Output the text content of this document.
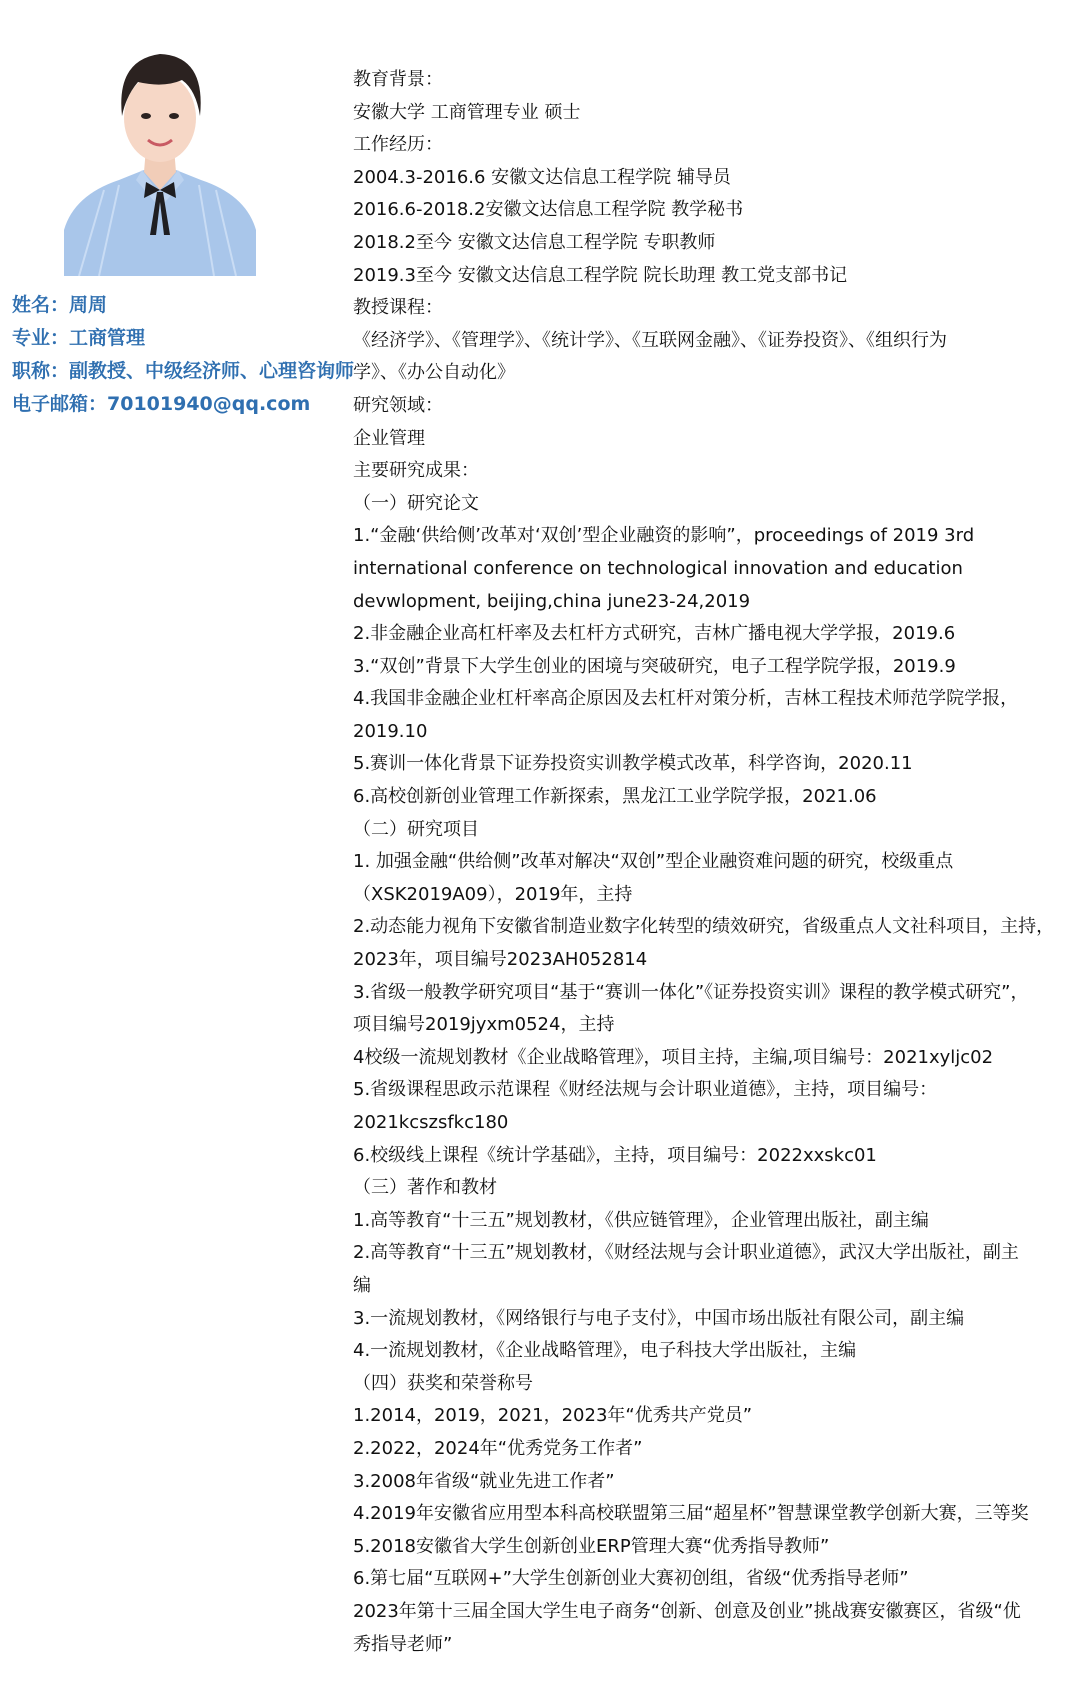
姓名：周周
专业：工商管理
职称：副教授、中级经济师、心理咨询师
电子邮箱：70101940@qq.com
教育背景：
安徽大学 工商管理专业 硕士
工作经历：
2004.3-2016.6 安徽文达信息工程学院 辅导员
2016.6-2018.2安徽文达信息工程学院 教学秘书
2018.2至今 安徽文达信息工程学院 专职教师
2019.3至今 安徽文达信息工程学院 院长助理 教工党支部书记
教授课程：
《经济学》、《管理学》、《统计学》、《互联网金融》、《证券投资》、《组织行为
学》、《办公自动化》
研究领域：
企业管理
主要研究成果：
（一）研究论文
1.“金融‘供给侧’改革对‘双创’型企业融资的影响”，proceedings of 2019 3rd
international conference on technological innovation and education
devwlopment, beijing,china june23-24,2019
2.非金融企业高杠杆率及去杠杆方式研究，吉林广播电视大学学报，2019.6
3.“双创”背景下大学生创业的困境与突破研究，电子工程学院学报，2019.9
4.我国非金融企业杠杆率高企原因及去杠杆对策分析，吉林工程技术师范学院学报，
2019.10
5.赛训一体化背景下证券投资实训教学模式改革，科学咨询，2020.11
6.高校创新创业管理工作新探索，黑龙江工业学院学报，2021.06
（二）研究项目
1. 加强金融“供给侧”改革对解决“双创”型企业融资难问题的研究，校级重点
（XSK2019A09），2019年，主持
2.动态能力视角下安徽省制造业数字化转型的绩效研究，省级重点人文社科项目，主持，
2023年，项目编号2023AH052814
3.省级一般教学研究项目“基于“赛训一体化”《证券投资实训》课程的教学模式研究”，
项目编号2019jyxm0524，主持
4校级一流规划教材《企业战略管理》，项目主持，主编,项目编号：2021xyljc02
5.省级课程思政示范课程《财经法规与会计职业道德》，主持，项目编号：
2021kcszsfkc180
6.校级线上课程《统计学基础》，主持，项目编号：2022xxskc01
（三）著作和教材
1.高等教育“十三五”规划教材，《供应链管理》，企业管理出版社，副主编
2.高等教育“十三五”规划教材，《财经法规与会计职业道德》，武汉大学出版社，副主
编
3.一流规划教材，《网络银行与电子支付》，中国市场出版社有限公司，副主编
4.一流规划教材，《企业战略管理》，电子科技大学出版社，主编
（四）获奖和荣誉称号
1.2014，2019，2021，2023年“优秀共产党员”
2.2022，2024年“优秀党务工作者”
3.2008年省级“就业先进工作者”
4.2019年安徽省应用型本科高校联盟第三届“超星杯”智慧课堂教学创新大赛，三等奖
5.2018安徽省大学生创新创业ERP管理大赛“优秀指导教师”
6.第七届“互联网+”大学生创新创业大赛初创组，省级“优秀指导老师”
2023年第十三届全国大学生电子商务“创新、创意及创业”挑战赛安徽赛区，省级“优
秀指导老师”
